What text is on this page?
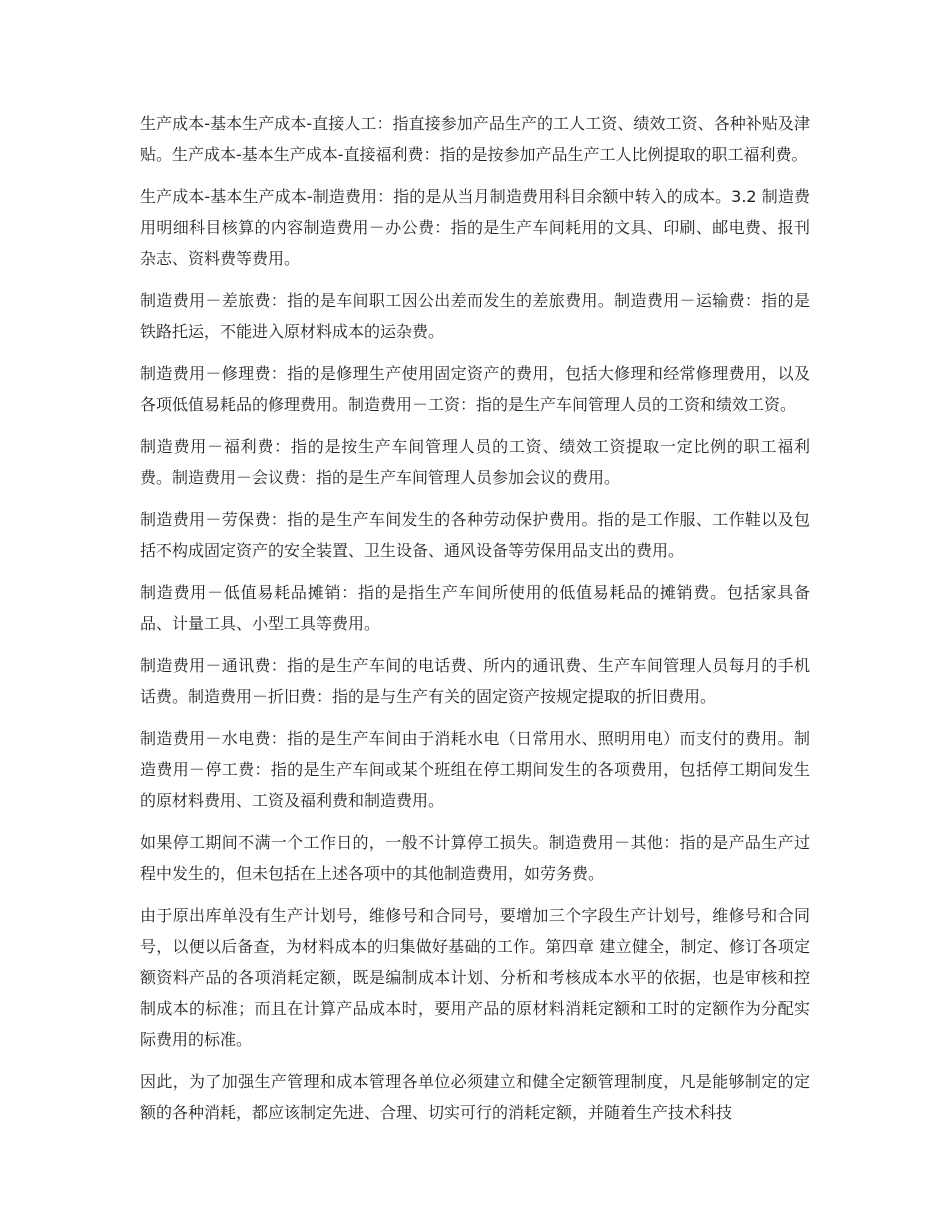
生产成本-基本生产成本-直接人工：指直接参加产品生产的工人工资、绩效工资、各种补贴及津贴。生产成本-基本生产成本-直接福利费：指的是按参加产品生产工人比例提取的职工福利费。

生产成本-基本生产成本-制造费用：指的是从当月制造费用科目余额中转入的成本。3.2 制造费用明细科目核算的内容制造费用－办公费：指的是生产车间耗用的文具、印刷、邮电费、报刊杂志、资料费等费用。

制造费用－差旅费：指的是车间职工因公出差而发生的差旅费用。制造费用－运输费：指的是铁路托运，不能进入原材料成本的运杂费。

制造费用－修理费：指的是修理生产使用固定资产的费用，包括大修理和经常修理费用，以及各项低值易耗品的修理费用。制造费用－工资：指的是生产车间管理人员的工资和绩效工资。

制造费用－福利费：指的是按生产车间管理人员的工资、绩效工资提取一定比例的职工福利费。制造费用－会议费：指的是生产车间管理人员参加会议的费用。

制造费用－劳保费：指的是生产车间发生的各种劳动保护费用。指的是工作服、工作鞋以及包括不构成固定资产的安全装置、卫生设备、通风设备等劳保用品支出的费用。

制造费用－低值易耗品摊销：指的是指生产车间所使用的低值易耗品的摊销费。包括家具备品、计量工具、小型工具等费用。

制造费用－通讯费：指的是生产车间的电话费、所内的通讯费、生产车间管理人员每月的手机话费。制造费用－折旧费：指的是与生产有关的固定资产按规定提取的折旧费用。

制造费用－水电费：指的是生产车间由于消耗水电（日常用水、照明用电）而支付的费用。制造费用－停工费：指的是生产车间或某个班组在停工期间发生的各项费用，包括停工期间发生的原材料费用、工资及福利费和制造费用。

如果停工期间不满一个工作日的，一般不计算停工损失。制造费用－其他：指的是产品生产过程中发生的，但未包括在上述各项中的其他制造费用，如劳务费。

由于原出库单没有生产计划号，维修号和合同号，要增加三个字段生产计划号，维修号和合同号，以便以后备查，为材料成本的归集做好基础的工作。第四章 建立健全，制定、修订各项定额资料产品的各项消耗定额，既是编制成本计划、分析和考核成本水平的依据，也是审核和控制成本的标准；而且在计算产品成本时，要用产品的原材料消耗定额和工时的定额作为分配实际费用的标准。

因此，为了加强生产管理和成本管理各单位必须建立和健全定额管理制度，凡是能够制定的定额的各种消耗，都应该制定先进、合理、切实可行的消耗定额，并随着生产技术科技
